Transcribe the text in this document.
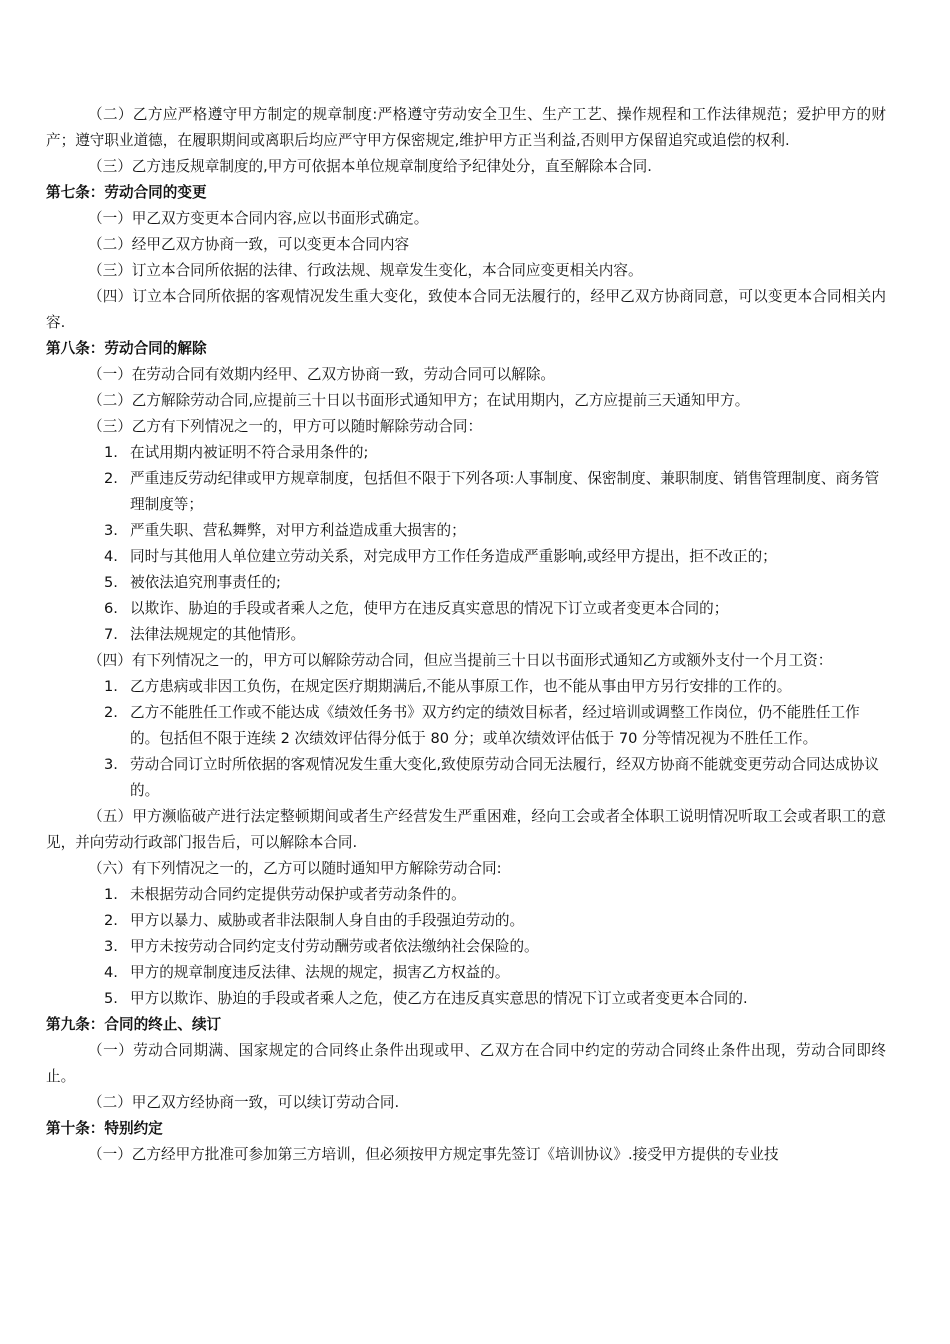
（二）乙方应严格遵守甲方制定的规章制度:严格遵守劳动安全卫生、生产工艺、操作规程和工作法律规范；爱护甲方的财产；遵守职业道德，在履职期间或离职后均应严守甲方保密规定,维护甲方正当利益,否则甲方保留追究或追偿的权利.
（三）乙方违反规章制度的,甲方可依据本单位规章制度给予纪律处分，直至解除本合同.
第七条：劳动合同的变更
（一）甲乙双方变更本合同内容,应以书面形式确定。
（二）经甲乙双方协商一致，可以变更本合同内容
（三）订立本合同所依据的法律、行政法规、规章发生变化，本合同应变更相关内容。
（四）订立本合同所依据的客观情况发生重大变化，致使本合同无法履行的，经甲乙双方协商同意，可以变更本合同相关内容.
第八条：劳动合同的解除
（一）在劳动合同有效期内经甲、乙双方协商一致，劳动合同可以解除。
（二）乙方解除劳动合同,应提前三十日以书面形式通知甲方；在试用期内，乙方应提前三天通知甲方。
（三）乙方有下列情况之一的，甲方可以随时解除劳动合同：
1. 在试用期内被证明不符合录用条件的;
2. 严重违反劳动纪律或甲方规章制度，包括但不限于下列各项:人事制度、保密制度、兼职制度、销售管理制度、商务管理制度等；
3. 严重失职、营私舞弊，对甲方利益造成重大损害的；
4. 同时与其他用人单位建立劳动关系，对完成甲方工作任务造成严重影响,或经甲方提出，拒不改正的；
5. 被依法追究刑事责任的;
6. 以欺诈、胁迫的手段或者乘人之危，使甲方在违反真实意思的情况下订立或者变更本合同的；
7. 法律法规规定的其他情形。
（四）有下列情况之一的，甲方可以解除劳动合同，但应当提前三十日以书面形式通知乙方或额外支付一个月工资：
1. 乙方患病或非因工负伤，在规定医疗期期满后,不能从事原工作，也不能从事由甲方另行安排的工作的。
2. 乙方不能胜任工作或不能达成《绩效任务书》双方约定的绩效目标者，经过培训或调整工作岗位，仍不能胜任工作的。包括但不限于连续 2 次绩效评估得分低于 80 分；或单次绩效评估低于 70 分等情况视为不胜任工作。
3. 劳动合同订立时所依据的客观情况发生重大变化,致使原劳动合同无法履行，经双方协商不能就变更劳动合同达成协议的。
（五）甲方濒临破产进行法定整顿期间或者生产经营发生严重困难，经向工会或者全体职工说明情况听取工会或者职工的意见，并向劳动行政部门报告后，可以解除本合同.
（六）有下列情况之一的，乙方可以随时通知甲方解除劳动合同:
1. 未根据劳动合同约定提供劳动保护或者劳动条件的。
2. 甲方以暴力、威胁或者非法限制人身自由的手段强迫劳动的。
3. 甲方未按劳动合同约定支付劳动酬劳或者依法缴纳社会保险的。
4. 甲方的规章制度违反法律、法规的规定，损害乙方权益的。
5. 甲方以欺诈、胁迫的手段或者乘人之危，使乙方在违反真实意思的情况下订立或者变更本合同的.
第九条：合同的终止、续订
（一）劳动合同期满、国家规定的合同终止条件出现或甲、乙双方在合同中约定的劳动合同终止条件出现，劳动合同即终止。
（二）甲乙双方经协商一致，可以续订劳动合同.
第十条：特别约定
（一）乙方经甲方批准可参加第三方培训，但必须按甲方规定事先签订《培训协议》.接受甲方提供的专业技
